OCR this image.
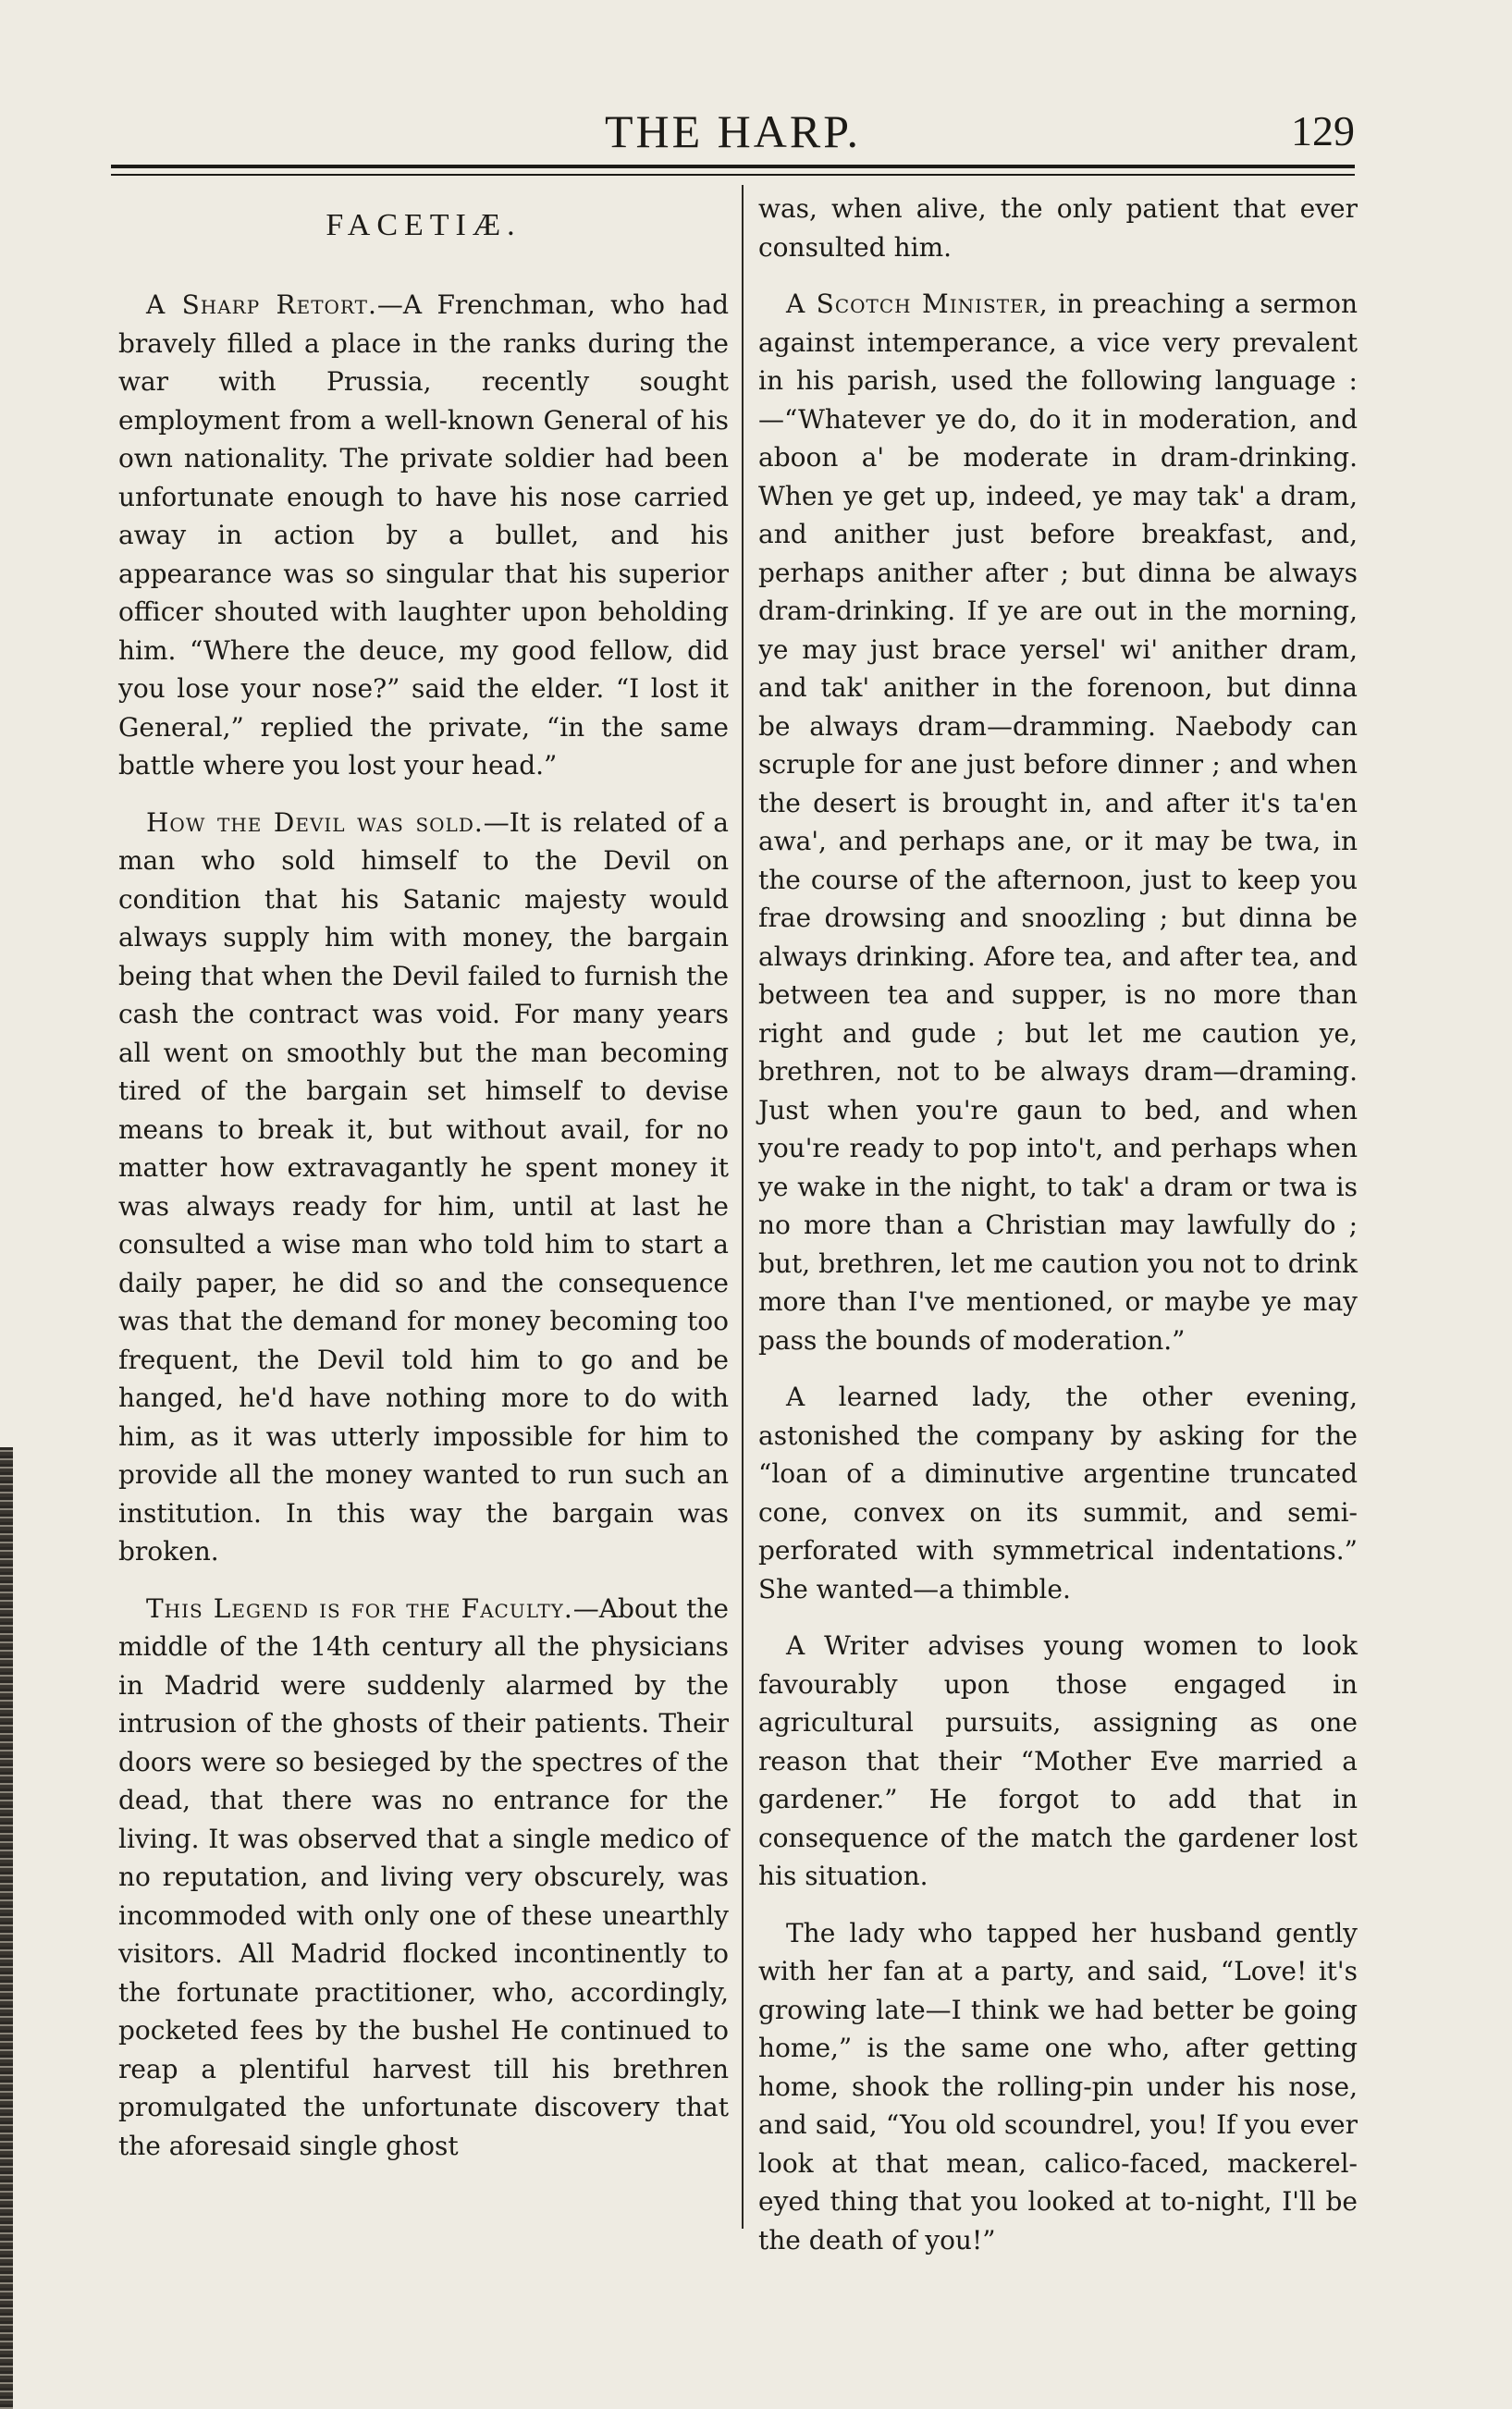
THE HARP.	129
FACETIÆ.

A Sharp Retort.—A Frenchman, who had bravely filled a place in the ranks during the war with Prussia, recently sought employment from a well-known General of his own nationality. The private soldier had been unfortunate enough to have his nose carried away in action by a bullet, and his appearance was so singular that his superior officer shouted with laughter upon beholding him. “Where the deuce, my good fellow, did you lose your nose?” said the elder. “I lost it General,” replied the private, “in the same battle where you lost your head.”

How the Devil was sold.—It is related of a man who sold himself to the Devil on condition that his Satanic majesty would always supply him with money, the bargain being that when the Devil failed to furnish the cash the contract was void. For many years all went on smoothly but the man becoming tired of the bargain set himself to devise means to break it, but without avail, for no matter how extravagantly he spent money it was always ready for him, until at last he consulted a wise man who told him to start a daily paper, he did so and the consequence was that the demand for money becoming too frequent, the Devil told him to go and be hanged, he'd have nothing more to do with him, as it was utterly impossible for him to provide all the money wanted to run such an institution. In this way the bargain was broken.

This Legend is for the Faculty.—About the middle of the 14th century all the physicians in Madrid were suddenly alarmed by the intrusion of the ghosts of their patients. Their doors were so besieged by the spectres of the dead, that there was no entrance for the living. It was observed that a single medico of no reputation, and living very obscurely, was incommoded with only one of these unearthly visitors. All Madrid flocked incontinently to the fortunate practitioner, who, accordingly, pocketed fees by the bushel He continued to reap a plentiful harvest till his brethren promulgated the unfortunate discovery that the aforesaid single ghost

was, when alive, the only patient that ever consulted him.

A Scotch Minister, in preaching a sermon against intemperance, a vice very prevalent in his parish, used the following language :—“Whatever ye do, do it in moderation, and aboon a' be moderate in dram-drinking. When ye get up, indeed, ye may tak' a dram, and anither just before breakfast, and, perhaps anither after ; but dinna be always dram-drinking. If ye are out in the morning, ye may just brace yersel' wi' anither dram, and tak' anither in the forenoon, but dinna be always dram—dramming. Naebody can scruple for ane just before dinner ; and when the desert is brought in, and after it's ta'en awa', and perhaps ane, or it may be twa, in the course of the afternoon, just to keep you frae drowsing and snoozling ; but dinna be always drinking. Afore tea, and after tea, and between tea and supper, is no more than right and gude ; but let me caution ye, brethren, not to be always dram—draming. Just when you're gaun to bed, and when you're ready to pop into't, and perhaps when ye wake in the night, to tak' a dram or twa is no more than a Christian may lawfully do ; but, brethren, let me caution you not to drink more than I've mentioned, or maybe ye may pass the bounds of moderation.”

A learned lady, the other evening, astonished the company by asking for the “loan of a diminutive argentine truncated cone, convex on its summit, and semi-perforated with symmetrical indentations.” She wanted—a thimble.

A Writer advises young women to look favourably upon those engaged in agricultural pursuits, assigning as one reason that their “Mother Eve married a gardener.” He forgot to add that in consequence of the match the gardener lost his situation.

The lady who tapped her husband gently with her fan at a party, and said, “Love! it's growing late—I think we had better be going home,” is the same one who, after getting home, shook the rolling-pin under his nose, and said, “You old scoundrel, you! If you ever look at that mean, calico-faced, mackerel-eyed thing that you looked at to-night, I'll be the death of you!”
